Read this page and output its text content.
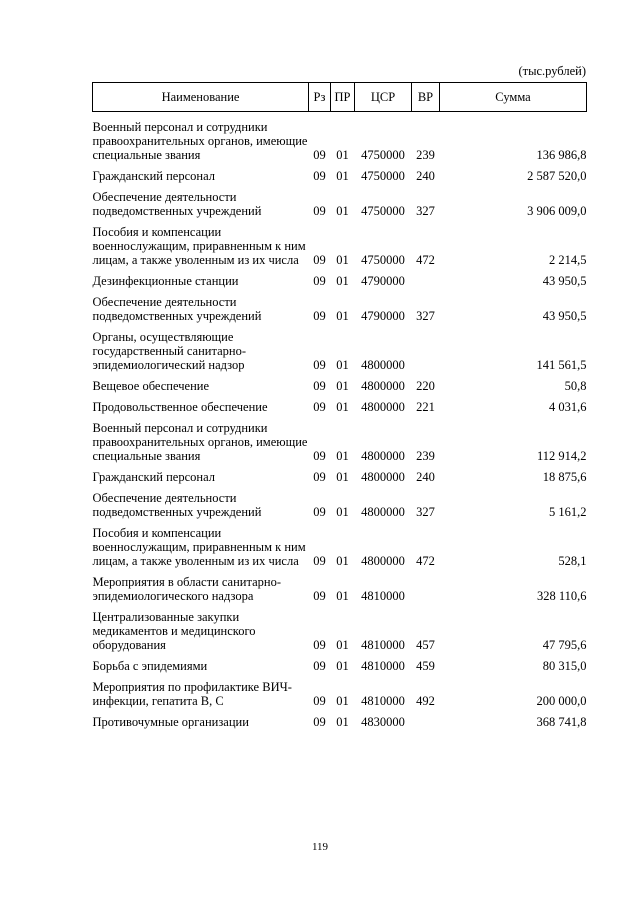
(тыс.рублей)
Наименование	Рз	ПР	ЦСР	ВР	Сумма
Военный персонал и сотрудники правоохранительных органов, имеющие специальные звания	09	01	4750000	239	136 986,8
Гражданский персонал	09	01	4750000	240	2 587 520,0
Обеспечение деятельности подведомственных учреждений	09	01	4750000	327	3 906 009,0
Пособия и компенсации военнослужащим, приравненным к ним лицам, а также уволенным из их числа	09	01	4750000	472	2 214,5
Дезинфекционные станции	09	01	4790000		43 950,5
Обеспечение деятельности подведомственных учреждений	09	01	4790000	327	43 950,5
Органы, осуществляющие государственный санитарно-эпидемиологический надзор	09	01	4800000		141 561,5
Вещевое обеспечение	09	01	4800000	220	50,8
Продовольственное обеспечение	09	01	4800000	221	4 031,6
Военный персонал и сотрудники правоохранительных органов, имеющие специальные звания	09	01	4800000	239	112 914,2
Гражданский персонал	09	01	4800000	240	18 875,6
Обеспечение деятельности подведомственных учреждений	09	01	4800000	327	5 161,2
Пособия и компенсации военнослужащим, приравненным к ним лицам, а также уволенным из их числа	09	01	4800000	472	528,1
Мероприятия в области санитарно-эпидемиологического надзора	09	01	4810000		328 110,6
Централизованные закупки медикаментов и медицинского оборудования	09	01	4810000	457	47 795,6
Борьба с эпидемиями	09	01	4810000	459	80 315,0
Мероприятия по профилактике ВИЧ-инфекции, гепатита В, С	09	01	4810000	492	200 000,0
Противочумные организации	09	01	4830000		368 741,8
119
